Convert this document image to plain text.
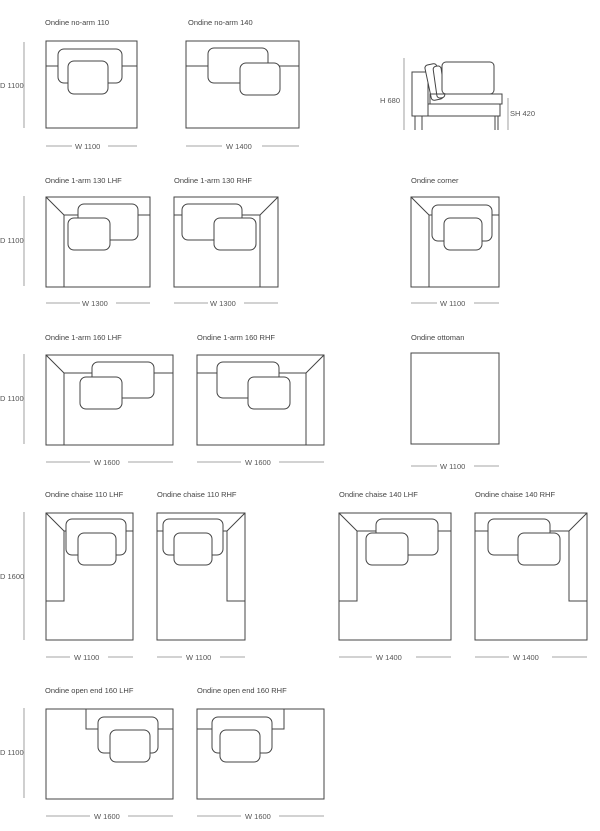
Ondine no-arm 110	Ondine no-arm 140
D 1100
W 1100	W 1400
H 680
SH 420
Ondine 1-arm 130 LHF	Ondine 1-arm 130 RHF	Ondine corner
D 1100
W 1300	W 1300	W 1100
Ondine 1-arm 160 LHF	Ondine 1-arm 160 RHF	Ondine ottoman
D 1100
W 1600	W 1600	W 1100
Ondine chaise 110 LHF	Ondine chaise 110 RHF	Ondine chaise 140 LHF	Ondine chaise 140 RHF
D 1600
W 1100	W 1100	W 1400	W 1400
Ondine open end 160 LHF	Ondine open end 160 RHF
D 1100
W 1600	W 1600
